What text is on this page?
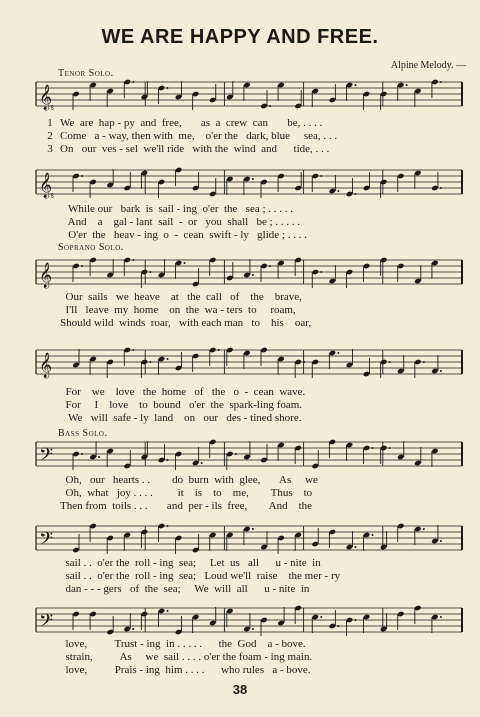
WE ARE HAPPY AND FREE.
Alpine Melody. —
Tenor Solo.
Soprano Solo.
Bass Solo.
𝄠
𝄠
𝄞
𝄞
𝄢
𝄢
𝄢
1 We  are  hap - py  and  free,       as  a  crew  can       be, . . . .
2 Come   a - way, then with  me,    o'er the   dark, blue     sea, . . .
3 On   our  ves - sel  we'll ride   with the  wind  and      tide, . . .
While our   bark  is  sail - ing  o'er  the   sea ; . . . . .
And    a    gal - lant  sail  -  or   you  shall   be ; . . . . .
O'er  the   heav - ing  o  -  cean  swift - ly   glide ; . . . .
Our  sails   we  heave    at   the  call   of    the    brave,
I'll   leave  my  home    on  the  wa - ters  to     roam,
Should wild  winds  roar,   with each man   to    his    oar,
For    we    love   the  home   of   the   o  -  cean  wave.
For     I    love    to  bound   o'er  the  spark-ling foam.
We   will  safe - ly  land    on   our   des - tined shore.
Oh,   our   hearts . .        do  burn  with  glee,       As     we
Oh,  what   joy . . . .         it    is    to    me,        Thus    to
Then from  toils . . .       and  per - ils  free,        And    the
sail . .  o'er the  roll - ing  sea;     Let  us   all      u - nite  in
sail . .  o'er the  roll - ing  sea;   Loud we'll  raise    the mer - ry
dan - - - gers   of  the  sea;     We  will  all      u - nite  in
love,          Trust - ing  in . . . . .      the  God    a - bove.
strain,          As     we  sail . . . . o'er the foam - ing main.
love,          Prais - ing  him . . . .      who rules   a - bove.
38
